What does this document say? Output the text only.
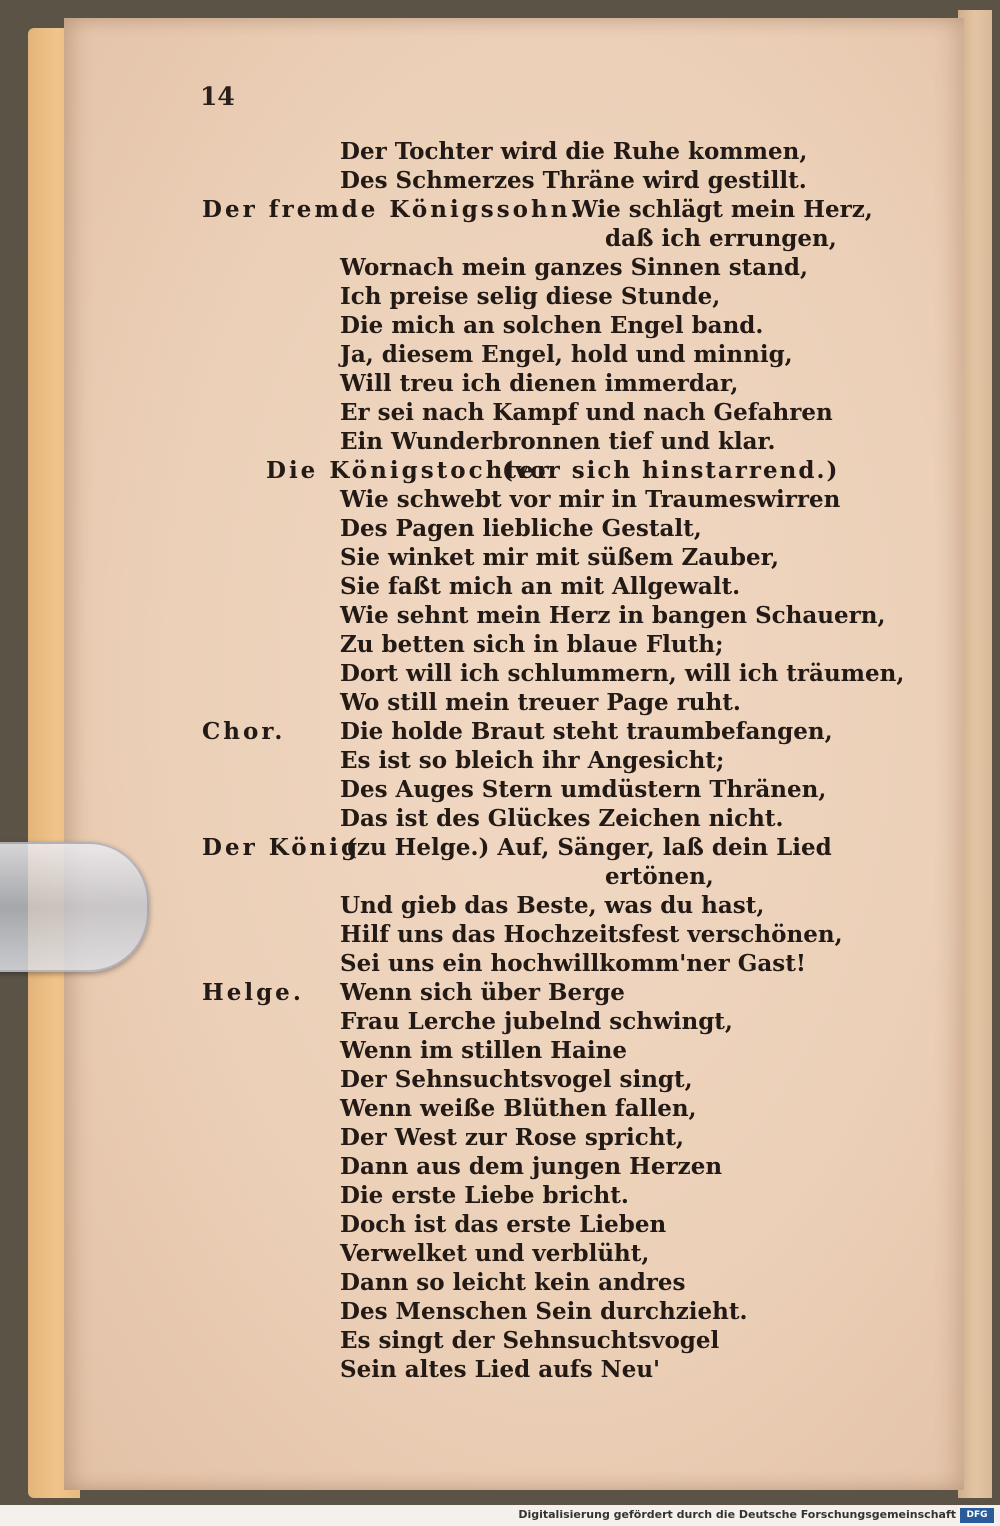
14
Der Tochter wird die Ruhe kommen,
Des Schmerzes Thräne wird gestillt.
Der fremde Königssohn.
Wie schlägt mein Herz,
daß ich errungen,
Wornach mein ganzes Sinnen stand,
Ich preise selig diese Stunde,
Die mich an solchen Engel band.
Ja, diesem Engel, hold und minnig,
Will treu ich dienen immerdar,
Er sei nach Kampf und nach Gefahren
Ein Wunderbronnen tief und klar.
Die Königstochter
(vor sich hinstarrend.)
Wie schwebt vor mir in Traumeswirren
Des Pagen liebliche Gestalt,
Sie winket mir mit süßem Zauber,
Sie faßt mich an mit Allgewalt.
Wie sehnt mein Herz in bangen Schauern,
Zu betten sich in blaue Fluth;
Dort will ich schlummern, will ich träumen,
Wo still mein treuer Page ruht.
Chor. Die holde Braut steht traumbefangen,
Es ist so bleich ihr Angesicht;
Des Auges Stern umdüstern Thränen,
Das ist des Glückes Zeichen nicht.
Der König
(zu Helge.) Auf, Sänger, laß dein Lied
ertönen,
Und gieb das Beste, was du hast,
Hilf uns das Hochzeitsfest verschönen,
Sei uns ein hochwillkomm'ner Gast!
Helge. Wenn sich über Berge
Frau Lerche jubelnd schwingt,
Wenn im stillen Haine
Der Sehnsuchtsvogel singt,
Wenn weiße Blüthen fallen,
Der West zur Rose spricht,
Dann aus dem jungen Herzen
Die erste Liebe bricht.
Doch ist das erste Lieben
Verwelket und verblüht,
Dann so leicht kein andres
Des Menschen Sein durchzieht.
Es singt der Sehnsuchtsvogel
Sein altes Lied aufs Neu'
Digitalisierung gefördert durch die Deutsche Forschungsgemeinschaft	DFG
